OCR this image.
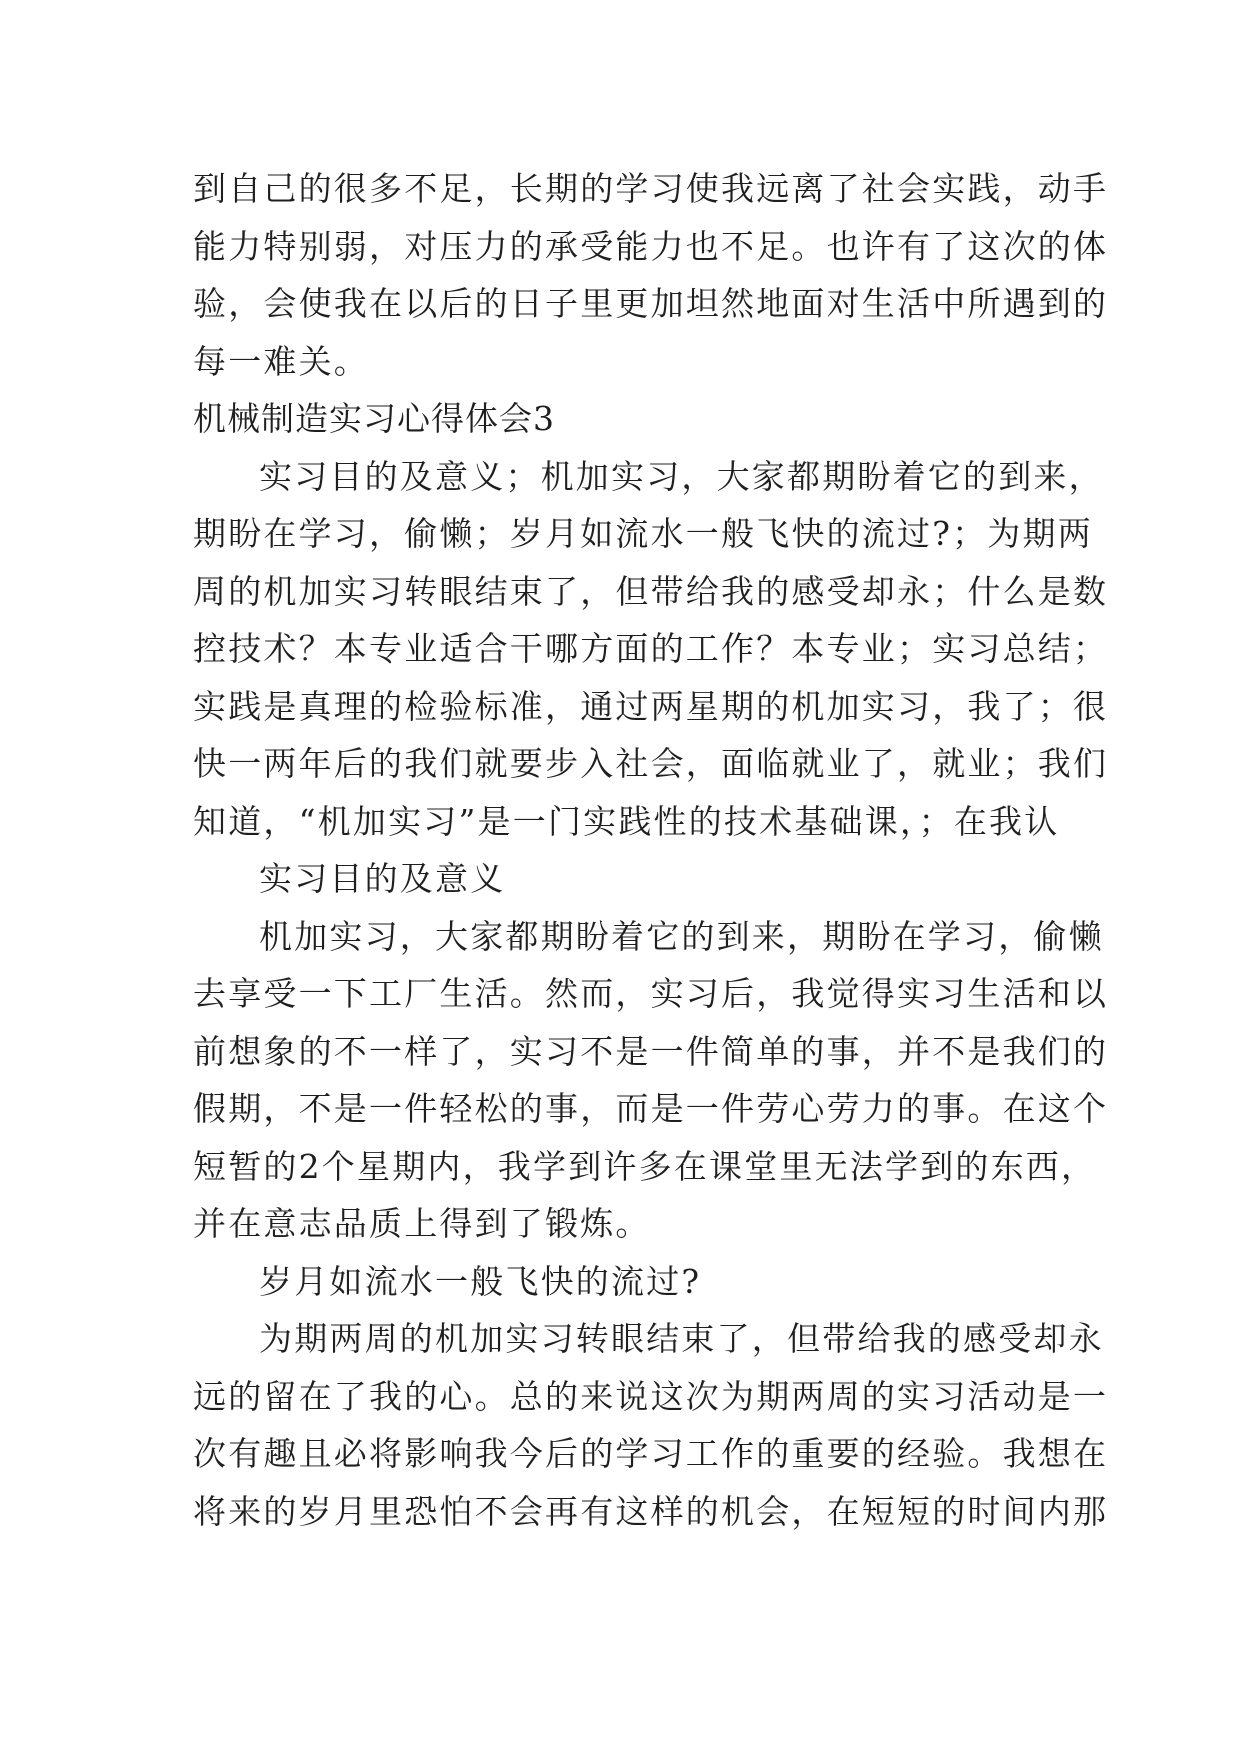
到自己的很多不足，长期的学习使我远离了社会实践，动手

能力特别弱，对压力的承受能力也不足。也许有了这次的体

验，会使我在以后的日子里更加坦然地面对生活中所遇到的

每一难关。

机械制造实习心得体会3

实习目的及意义；机加实习，大家都期盼着它的到来，

期盼在学习，偷懒；岁月如流水一般飞快的流过?；为期两

周的机加实习转眼结束了，但带给我的感受却永；什么是数

控技术？本专业适合干哪方面的工作？本专业；实习总结；

实践是真理的检验标准，通过两星期的机加实习，我了；很

快一两年后的我们就要步入社会，面临就业了，就业；我们

知道，“机加实习”是一门实践性的技术基础课，；在我认

实习目的及意义

机加实习，大家都期盼着它的到来，期盼在学习，偷懒

去享受一下工厂生活。然而，实习后，我觉得实习生活和以

前想象的不一样了，实习不是一件简单的事，并不是我们的

假期，不是一件轻松的事，而是一件劳心劳力的事。在这个

短暂的2个星期内，我学到许多在课堂里无法学到的东西，

并在意志品质上得到了锻炼。

岁月如流水一般飞快的流过?

为期两周的机加实习转眼结束了，但带给我的感受却永

远的留在了我的心。总的来说这次为期两周的实习活动是一

次有趣且必将影响我今后的学习工作的重要的经验。我想在

将来的岁月里恐怕不会再有这样的机会，在短短的时间内那
